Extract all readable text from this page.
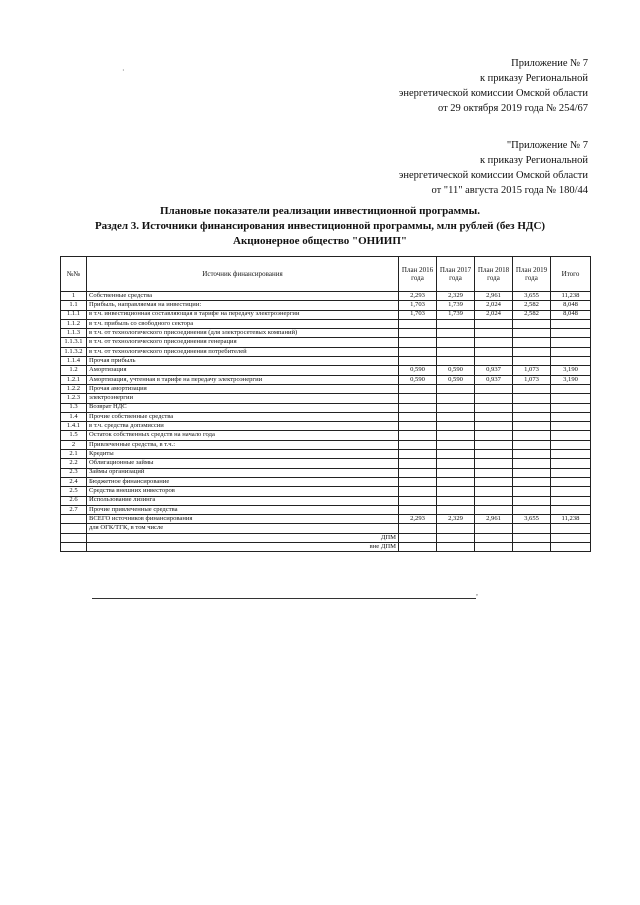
·
Приложение № 7
к приказу Региональной
энергетической комиссии Омской области
от 29 октября 2019 года № 254/67
"Приложение № 7
к приказу Региональной
энергетической комиссии Омской области
от "11" августа 2015 года № 180/44
Плановые показатели реализации инвестиционной программы.
Раздел 3. Источники финансирования инвестиционной программы, млн рублей (без НДС)
Акционерное общество "ОНИИП"
№№	Источник финансирования	План 2016 года	План 2017 года	План 2018 года	План 2019 года	Итого
1	Собственные средства	2,293	2,329	2,961	3,655	11,238
1.1	Прибыль, направляемая на инвестиции:	1,703	1,739	2,024	2,582	8,048
1.1.1	в т.ч. инвестиционная составляющая в тарифе на передачу электроэнергии	1,703	1,739	2,024	2,582	8,048
1.1.2	в т.ч. прибыль со свободного сектора					
1.1.3	в т.ч. от технологического присоединения (для электросетевых компаний)					
1.1.3.1	в т.ч. от технологического присоединения генерация					
1.1.3.2	в т.ч. от технологического присоединения потребителей					
1.1.4	Прочая прибыль					
1.2	Амортизация	0,590	0,590	0,937	1,073	3,190
1.2.1	Амортизация, учтенная в тарифе на передачу электроэнергии	0,590	0,590	0,937	1,073	3,190
1.2.2	Прочая амортизация					
1.2.3	электроэнергии					
1.3	Возврат НДС					
1.4	Прочие собственные средства					
1.4.1	в т.ч. средства допэмиссии					
1.5	Остаток собственных средств на начало года					
2	Привлеченные средства, в т.ч.:					
2.1	Кредиты					
2.2	Облигационные займы					
2.3	Займы организаций					
2.4	Бюджетное финансирование					
2.5	Средства внешних инвесторов					
2.6	Использование лизинга					
2.7	Прочие привлеченные средства					
	ВСЕГО источников финансирования	2,293	2,329	2,961	3,655	11,238
	для ОГК/ТГК, в том числе					
	ДПМ					
	вне ДПМ					
,
